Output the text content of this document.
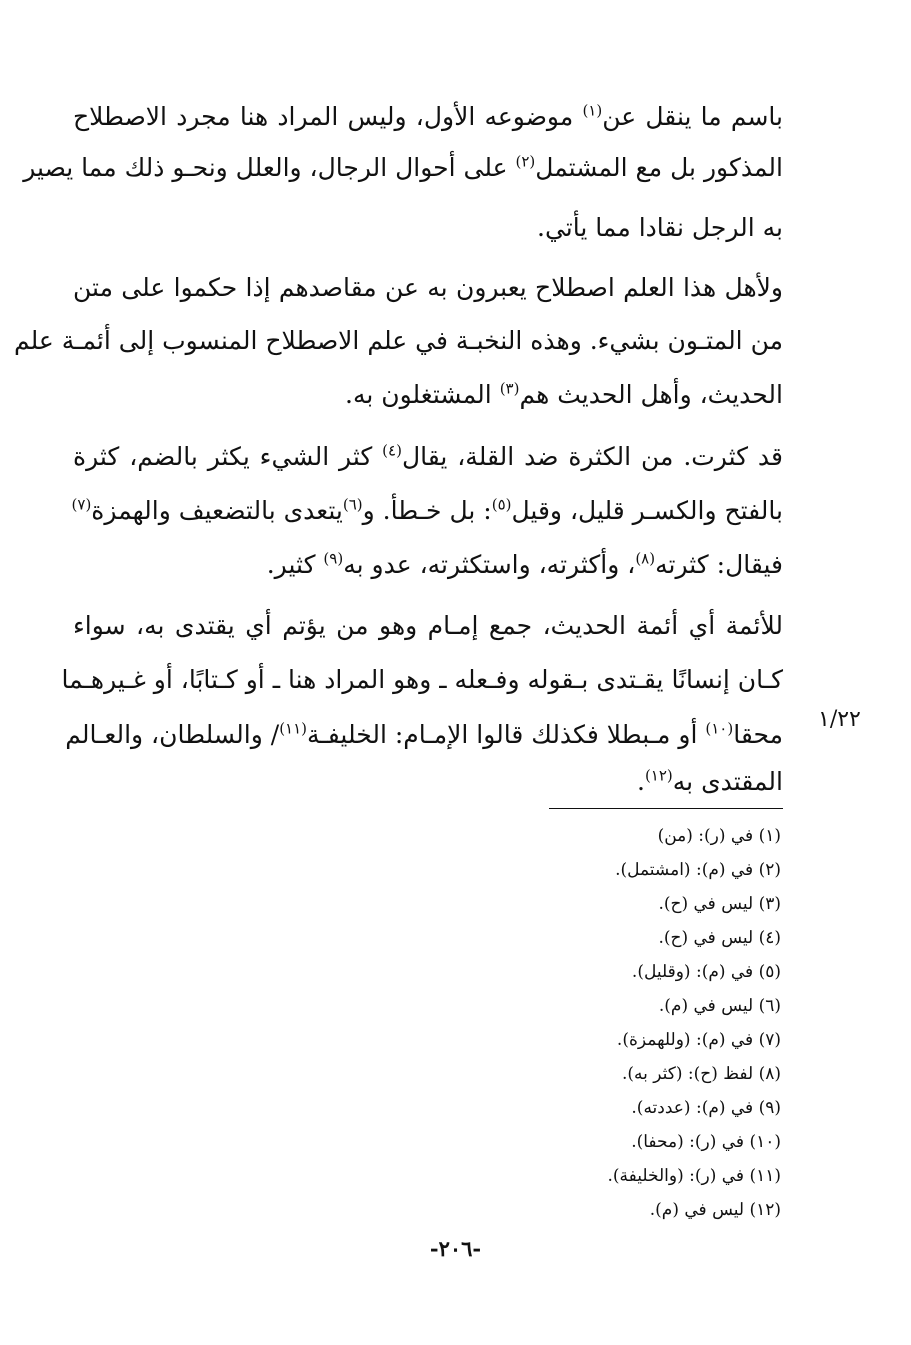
باسم ما ينقل عن$^{(١)}$ موضوعه الأول، وليس المراد هنا مجرد الاصطلاح
المذكور بل مع المشتمل$^{(٢)}$ على أحوال الرجال، والعلل ونحـو ذلك مما يصير
به الرجل نقادا مما يأتي.
ولأهل هذا العلم اصطلاح يعبرون به عن مقاصدهم إذا حكموا على متن
من المتـون بشيء. وهذه النخبـة في علم الاصطلاح المنسوب إلى أئمـة علم
الحديث، وأهل الحديث هم$^{(٣)}$ المشتغلون به.
قد كثرت. من الكثرة ضد القلة، يقال$^{(٤)}$ كثر الشيء يكثر بالضم، كثرة
بالفتح والكسـر قليل، وقيل$^{(٥)}$: بل خـطأ. و$^{(٦)}$يتعدى بالتضعيف والهمزة$^{(٧)}$
فيقال: كثرته$^{(٨)}$، وأكثرته، واستكثرته، عدو به$^{(٩)}$ كثير.
للأئمة أي أئمة الحديث، جمع إمـام وهو من يؤتم أي يقتدى به، سواء
كـان إنسانًا يقـتدى بـقوله وفـعله ـ وهو المراد هنا ـ أو كـتابًا، أو غـيرهـما
محقا$^{(١٠)}$ أو مـبطلا فكذلك قالوا الإمـام: الخليفـة$^{(١١)}$/ والسلطان، والعـالم
المقتدى به$^{(١٢)}$.
١/٢٢
(١) في (ر): (من)
(٢) في (م): (امشتمل).
(٣) ليس في (ح).
(٤) ليس في (ح).
(٥) في (م): (وقليل).
(٦) ليس في (م).
(٧) في (م): (وللهمزة).
(٨) لفظ (ح): (كثر به).
(٩) في (م): (عددته).
(١٠) في (ر): (محفا).
(١١) في (ر): (والخليفة).
(١٢) ليس في (م).
-٢٠٦-
